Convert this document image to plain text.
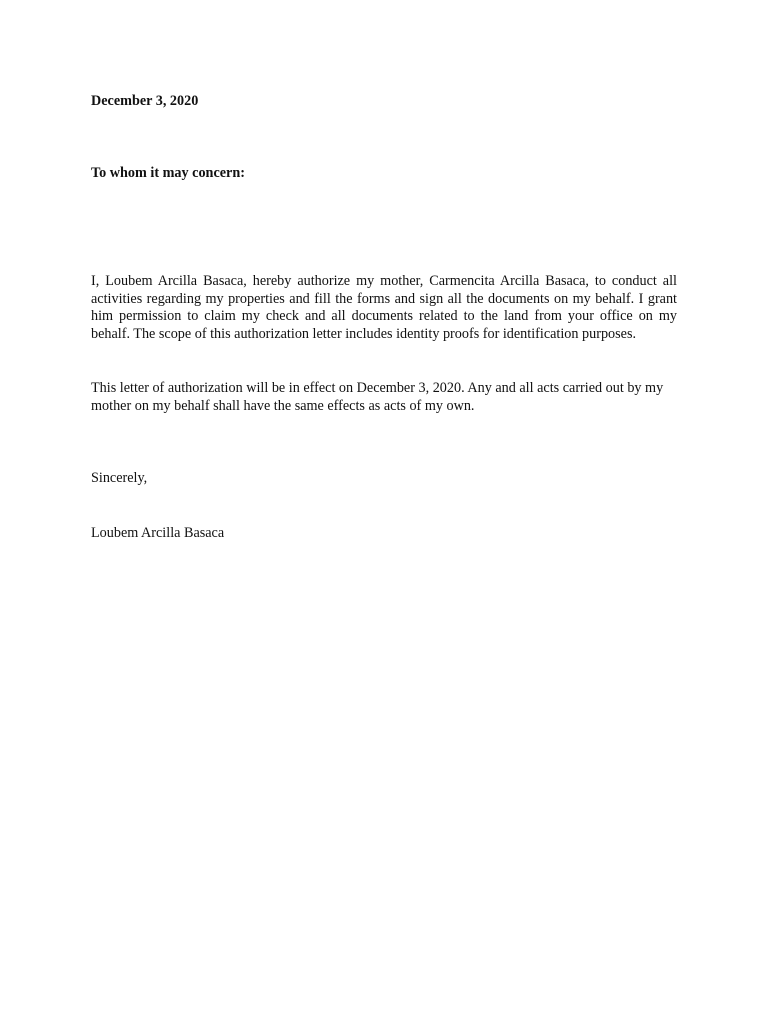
December 3, 2020

To whom it may concern:

I, Loubem Arcilla Basaca, hereby authorize my mother, Carmencita Arcilla Basaca, to conduct all activities regarding my properties and fill the forms and sign all the documents on my behalf. I grant him permission to claim my check and all documents related to the land from your office on my behalf. The scope of this authorization letter includes identity proofs for identification purposes.

This letter of authorization will be in effect on December 3, 2020. Any and all acts carried out by my mother on my behalf shall have the same effects as acts of my own.

Sincerely,

Loubem Arcilla Basaca
